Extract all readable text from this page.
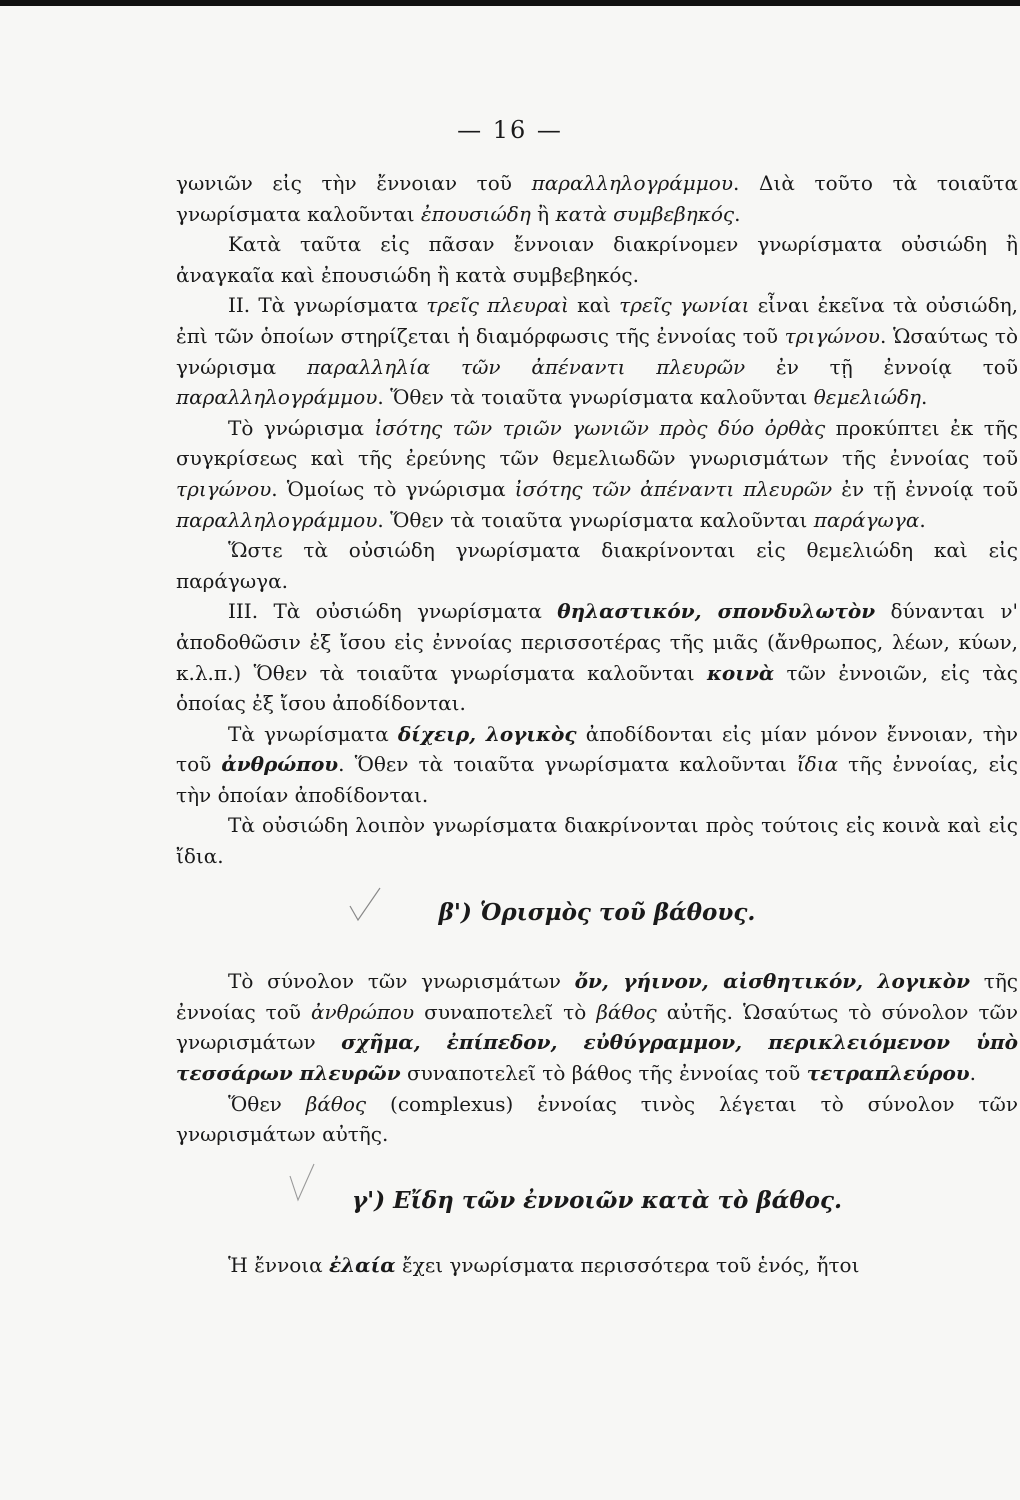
— 16 —

γωνιῶν εἰς τὴν ἔννοιαν τοῦ παραλληλογράμμου. Διὰ τοῦτο τὰ τοιαῦτα γνωρίσματα καλοῦνται ἐπουσιώδη ἢ κατὰ συμβεβηκός.

Κατὰ ταῦτα εἰς πᾶσαν ἔννοιαν διακρίνομεν γνωρίσματα οὐσιώδη ἢ ἀναγκαῖα καὶ ἐπουσιώδη ἢ κατὰ συμβεβηκός.

ΙΙ. Τὰ γνωρίσματα τρεῖς πλευραὶ καὶ τρεῖς γωνίαι εἶναι ἐκεῖνα τὰ οὐσιώδη, ἐπὶ τῶν ὁποίων στηρίζεται ἡ διαμόρφωσις τῆς ἐννοίας τοῦ τριγώνου. Ὡσαύτως τὸ γνώρισμα παραλληλία τῶν ἀπέναντι πλευρῶν ἐν τῇ ἐννοίᾳ τοῦ παραλληλογράμμου. Ὅθεν τὰ τοιαῦτα γνωρίσματα καλοῦνται θεμελιώδη.

Τὸ γνώρισμα ἰσότης τῶν τριῶν γωνιῶν πρὸς δύο ὀρθὰς προκύπτει ἐκ τῆς συγκρίσεως καὶ τῆς ἐρεύνης τῶν θεμελιωδῶν γνωρισμάτων τῆς ἐννοίας τοῦ τριγώνου. Ὁμοίως τὸ γνώρισμα ἰσότης τῶν ἀπέναντι πλευρῶν ἐν τῇ ἐννοίᾳ τοῦ παραλληλογράμμου. Ὅθεν τὰ τοιαῦτα γνωρίσματα καλοῦνται παράγωγα.

Ὥστε τὰ οὐσιώδη γνωρίσματα διακρίνονται εἰς θεμελιώδη καὶ εἰς παράγωγα.

ΙΙΙ. Τὰ οὐσιώδη γνωρίσματα θηλαστικόν, σπονδυλωτὸν δύνανται ν' ἀποδοθῶσιν ἐξ ἴσου εἰς ἐννοίας περισσοτέρας τῆς μιᾶς (ἄνθρωπος, λέων, κύων, κ.λ.π.) Ὅθεν τὰ τοιαῦτα γνωρίσματα καλοῦνται κοινὰ τῶν ἐννοιῶν, εἰς τὰς ὁποίας ἐξ ἴσου ἀποδίδονται.

Τὰ γνωρίσματα δίχειρ, λογικὸς ἀποδίδονται εἰς μίαν μόνον ἔννοιαν, τὴν τοῦ ἀνθρώπου. Ὅθεν τὰ τοιαῦτα γνωρίσματα καλοῦνται ἴδια τῆς ἐννοίας, εἰς τὴν ὁποίαν ἀποδίδονται.

Τὰ οὐσιώδη λοιπὸν γνωρίσματα διακρίνονται πρὸς τούτοις εἰς κοινὰ καὶ εἰς ἴδια.

β') Ὁρισμὸς τοῦ βάθους.

Τὸ σύνολον τῶν γνωρισμάτων ὄν, γήινον, αἰσθητικόν, λογικὸν τῆς ἐννοίας τοῦ ἀνθρώπου συναποτελεῖ τὸ βάθος αὐτῆς. Ὡσαύτως τὸ σύνολον τῶν γνωρισμάτων σχῆμα, ἐπίπεδον, εὐθύγραμμον, περικλειόμενον ὑπὸ τεσσάρων πλευρῶν συναποτελεῖ τὸ βάθος τῆς ἐννοίας τοῦ τετραπλεύρου.

Ὅθεν βάθος (complexus) ἐννοίας τινὸς λέγεται τὸ σύνολον τῶν γνωρισμάτων αὐτῆς.

γ') Εἴδη τῶν ἐννοιῶν κατὰ τὸ βάθος.

Ἡ ἔννοια ἐλαία ἔχει γνωρίσματα περισσότερα τοῦ ἑνός, ἤτοι
